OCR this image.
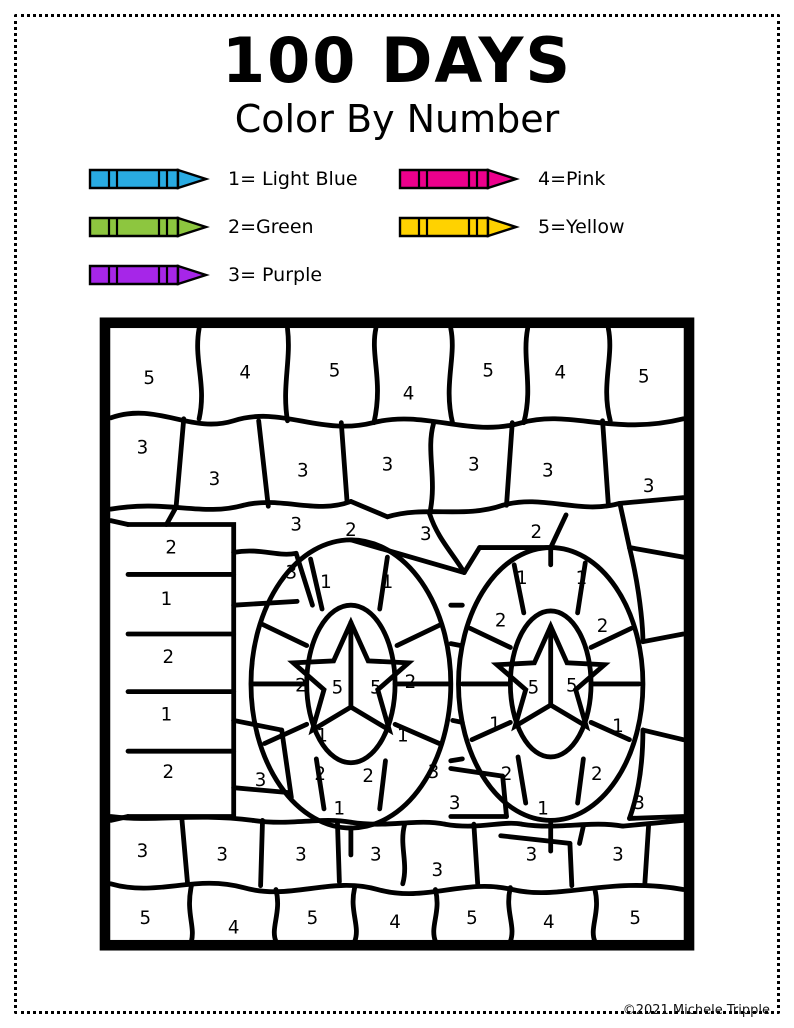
100 DAYS
Color By Number
1= Light Blue	4=Pink
2=Green	5=Yellow
3= Purple
5	4	5
4
5	4	5
3
3	3	3	3	3
3
2
3 2	3	2
1
3 1	1	1	1
2
2	2
2 5 5 2	5 5
1
1	1
1	1
2	3	2 2	3	2	2
1	3	1	3
3	3	3	3
3
3	3
5	4	5	4	5	4	5
©2021 Michele Tripple
